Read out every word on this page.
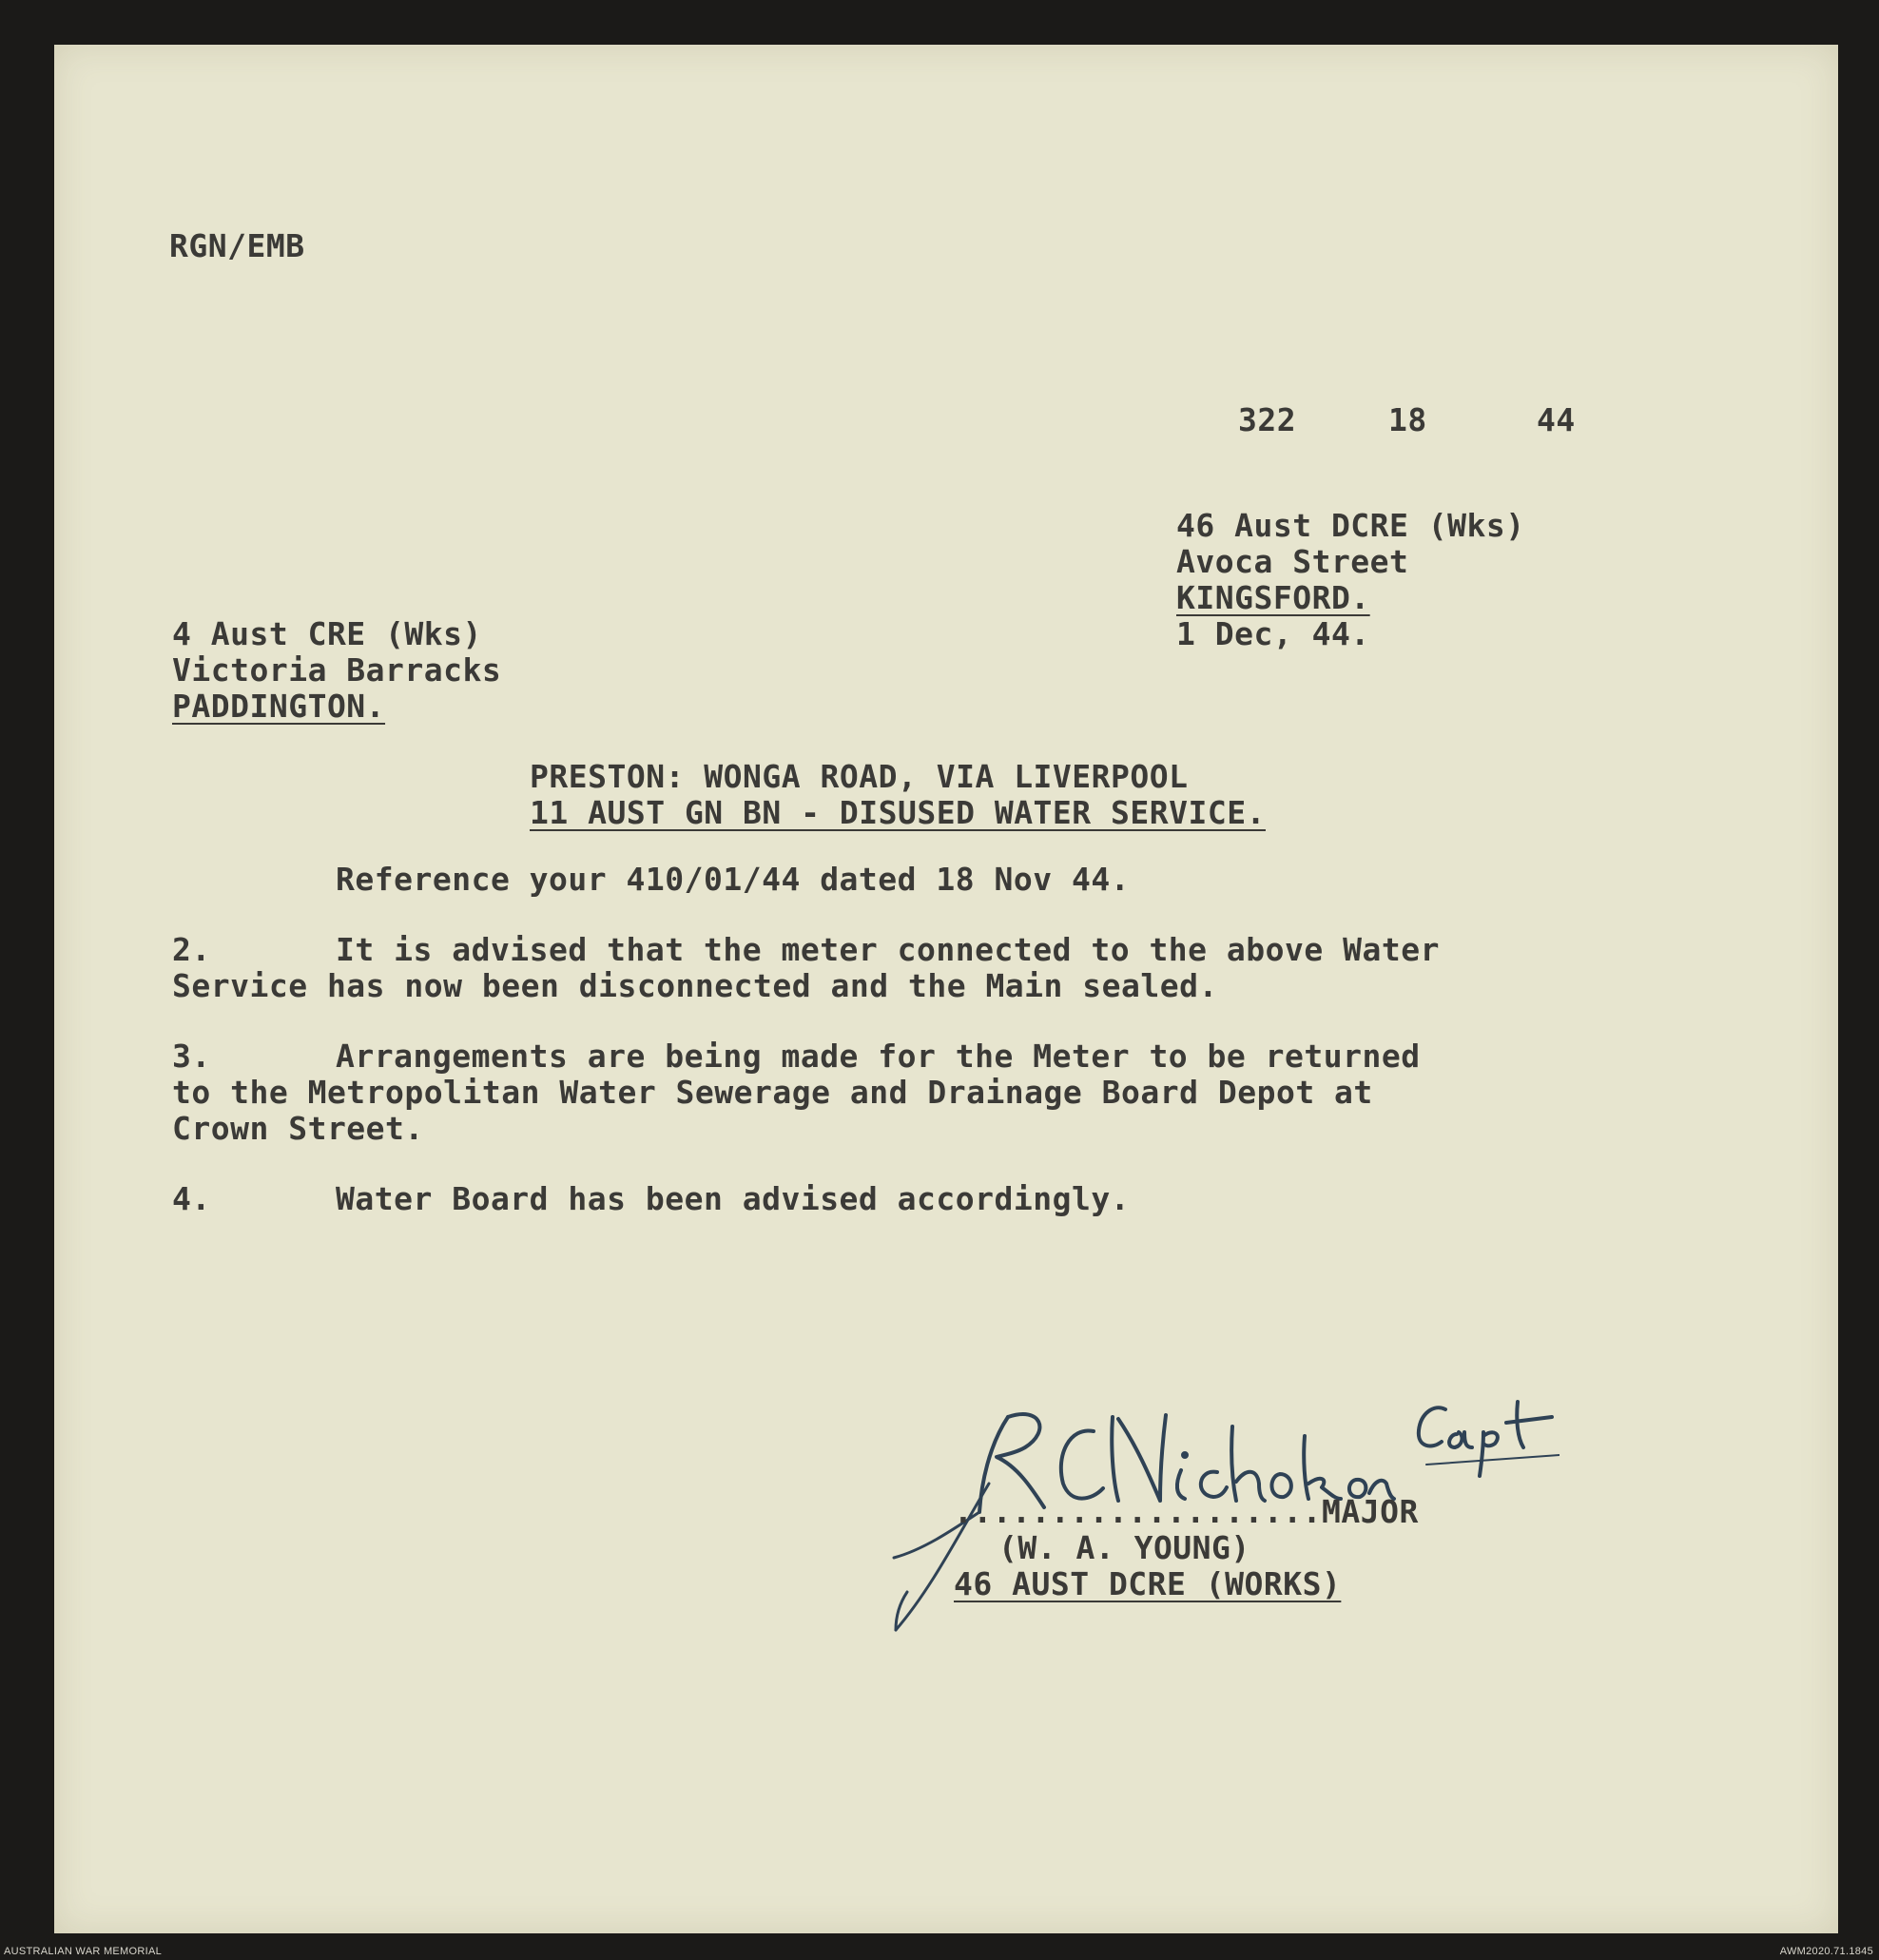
RGN/EMB
322	18	44
46 Aust DCRE (Wks)
Avoca Street
KINGSFORD.
1 Dec, 44.
4 Aust CRE (Wks)
Victoria Barracks
PADDINGTON.
PRESTON: WONGA ROAD, VIA LIVERPOOL
11 AUST GN BN - DISUSED WATER SERVICE.
Reference your 410/01/44 dated 18 Nov 44.
2.	It is advised that the meter connected to the above Water
Service has now been disconnected and the Main sealed.
3.	Arrangements are being made for the Meter to be returned
to the Metropolitan Water Sewerage and Drainage Board Depot at
Crown Street.
4.	Water Board has been advised accordingly.
...................MAJOR
(W. A. YOUNG)
46 AUST DCRE (WORKS)
AUSTRALIAN WAR MEMORIAL	AWM2020.71.1845
